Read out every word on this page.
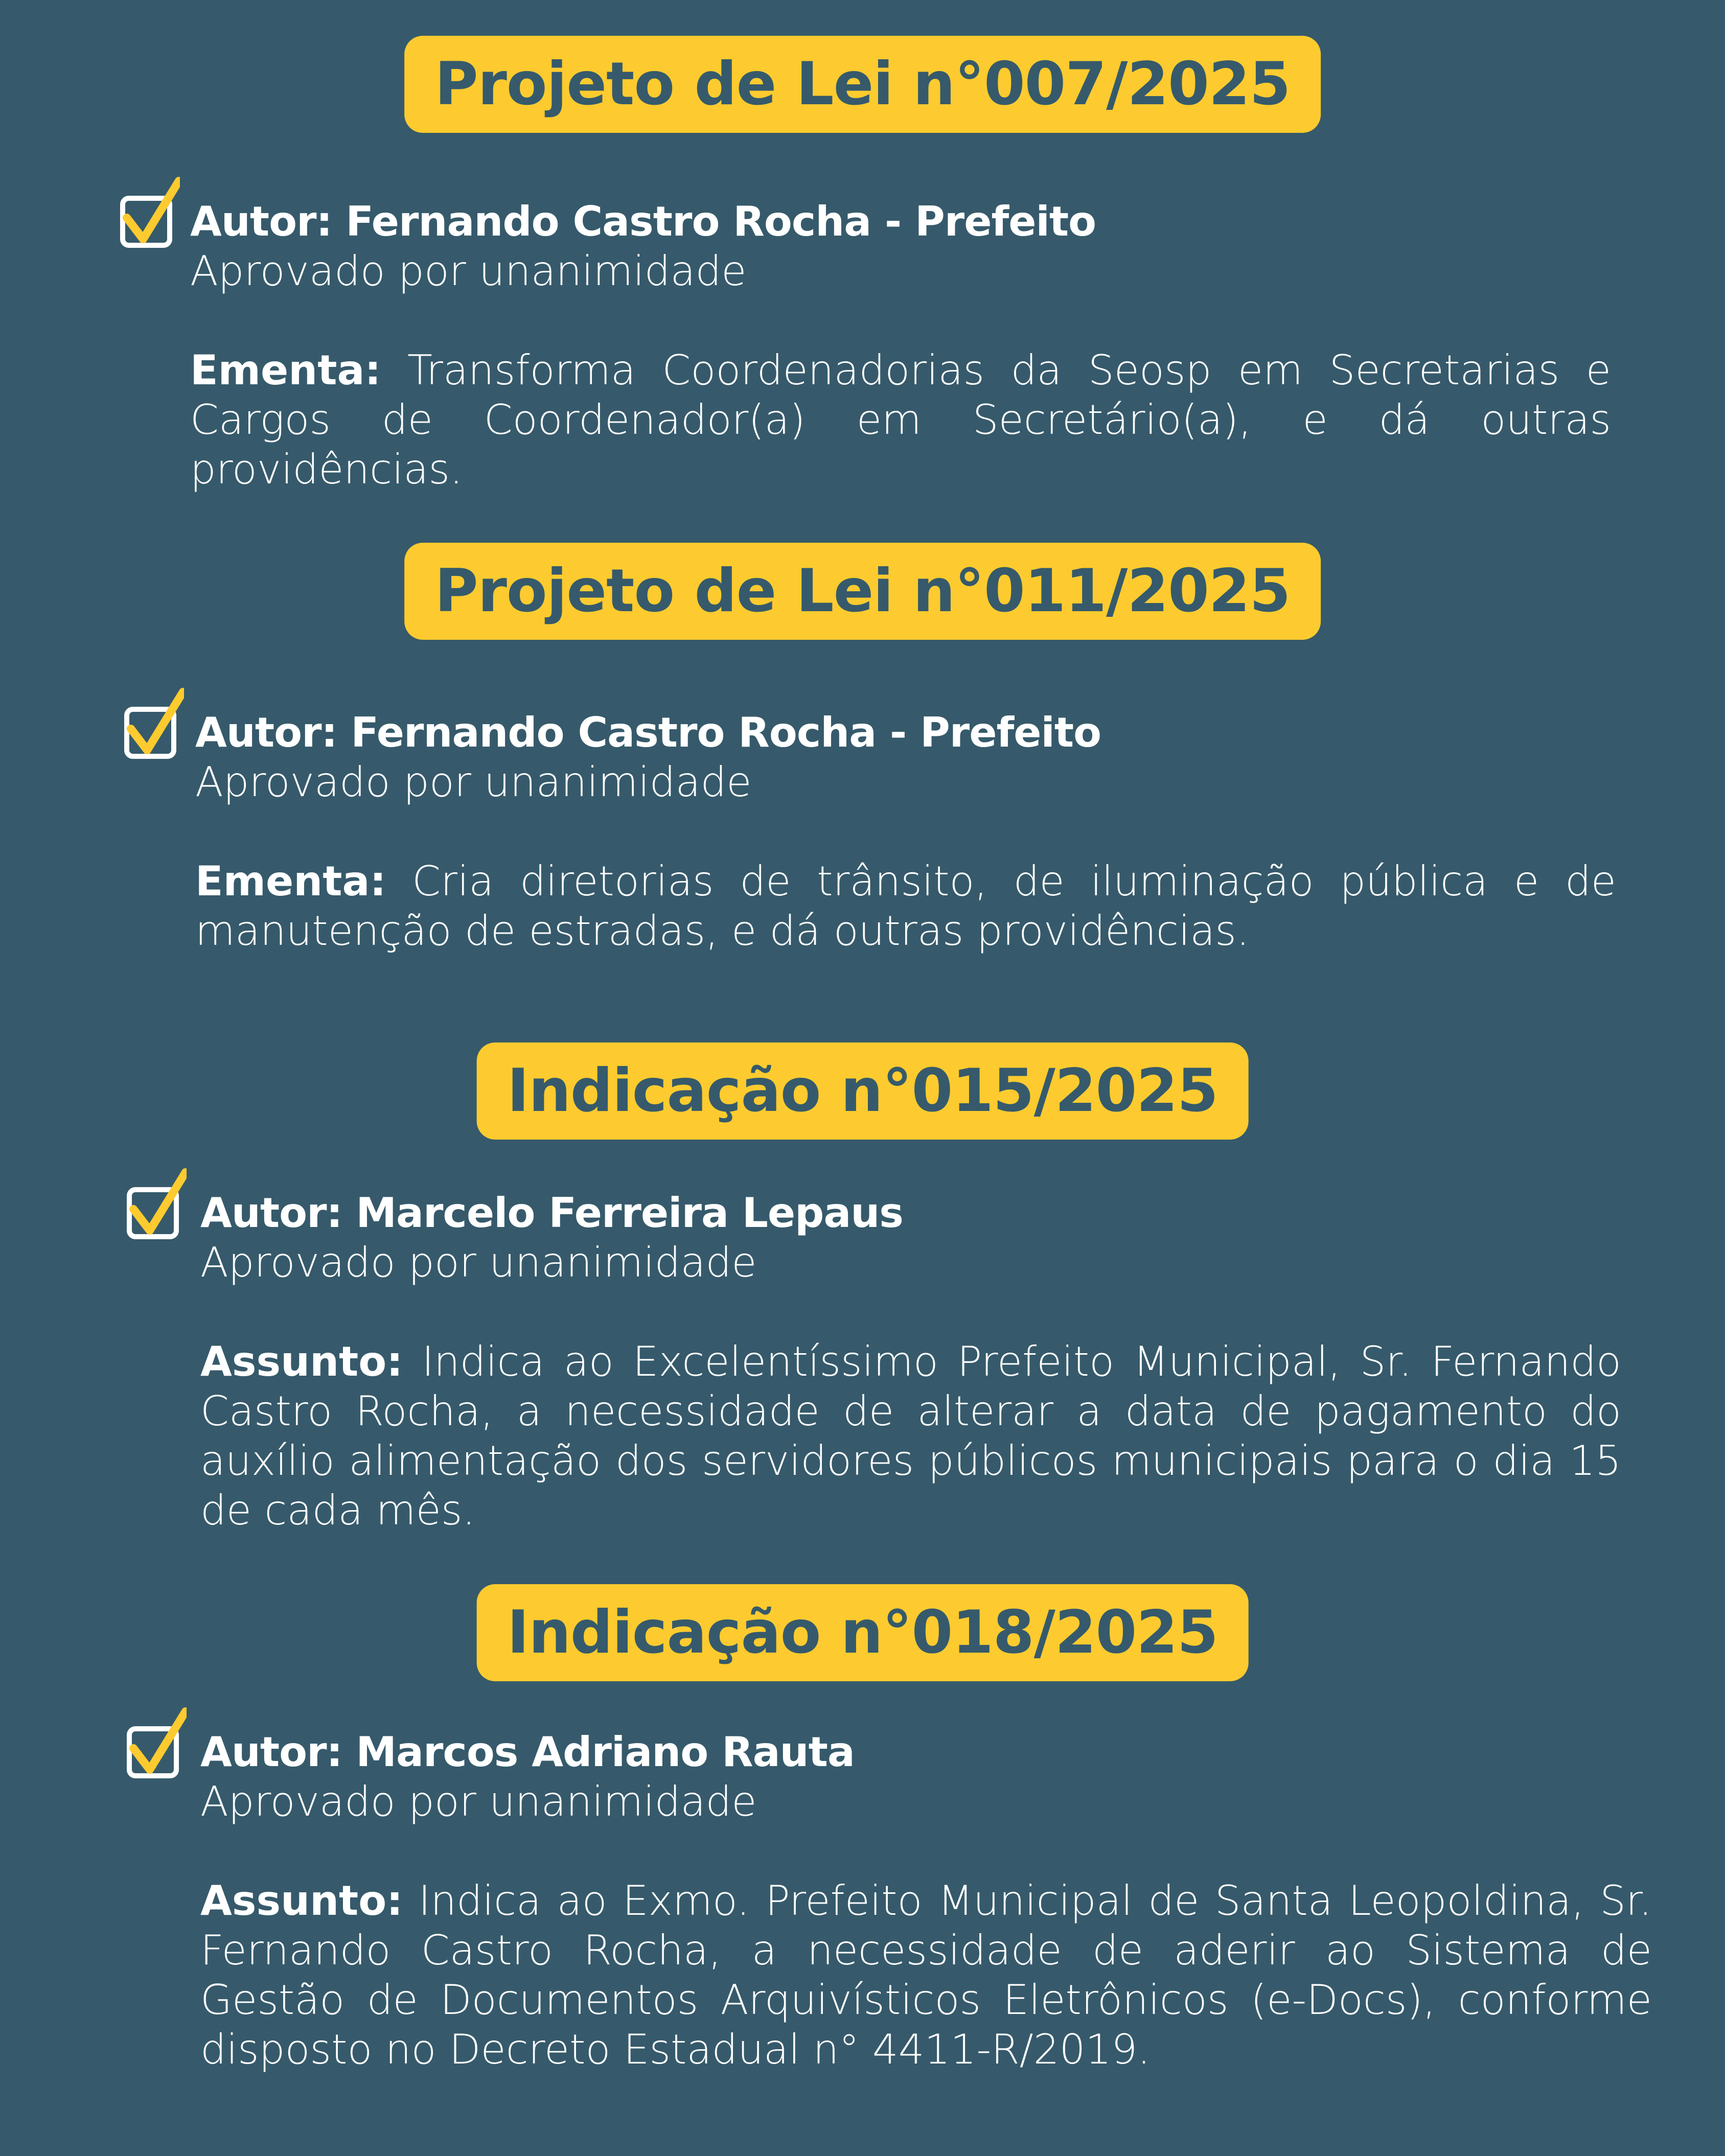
Projeto de Lei n°007/2025
Autor: Fernando Castro Rocha - Prefeito
Aprovado por unanimidade
Ementa: Transforma Coordenadorias da Seosp em Secretarias e Cargos de Coordenador(a) em Secretário(a), e dá outras providências.
Projeto de Lei n°011/2025
Autor: Fernando Castro Rocha - Prefeito
Aprovado por unanimidade
Ementa: Cria diretorias de trânsito, de iluminação pública e de manutenção de estradas, e dá outras providências.
Indicação n°015/2025
Autor: Marcelo Ferreira Lepaus
Aprovado por unanimidade
Assunto: Indica ao Excelentíssimo Prefeito Municipal, Sr. Fernando Castro Rocha, a necessidade de alterar a data de pagamento do auxílio alimentação dos servidores públicos municipais para o dia 15 de cada mês.
Indicação n°018/2025
Autor: Marcos Adriano Rauta
Aprovado por unanimidade
Assunto: Indica ao Exmo. Prefeito Municipal de Santa Leopoldina, Sr. Fernando Castro Rocha, a necessidade de aderir ao Sistema de Gestão de Documentos Arquivísticos Eletrônicos (e-Docs), conforme disposto no Decreto Estadual n° 4411-R/2019.
